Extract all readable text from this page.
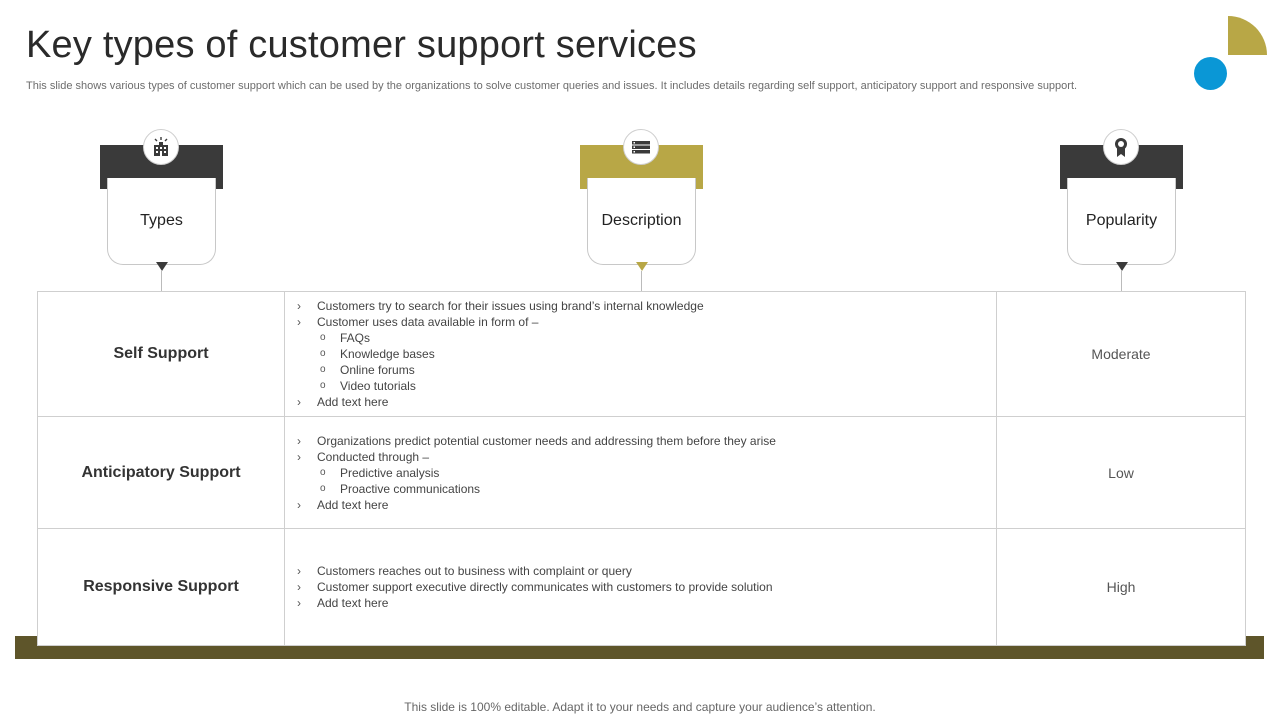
Key types of customer support services

This slide shows various types of customer support which can be used by the organizations to solve customer queries and issues. It includes details regarding self support, anticipatory support and responsive support.

Types	Description	Popularity
Self Support
› Customers try to search for their issues using brand’s internal knowledge
› Customer uses data available in form of –
o FAQs
o Knowledge bases
o Online forums
o Video tutorials
› Add text here
Moderate
Anticipatory Support
› Organizations predict potential customer needs and addressing them before they arise
› Conducted through –
o Predictive analysis
o Proactive communications
› Add text here
Low
Responsive Support
› Customers reaches out to business with complaint or query
› Customer support executive directly communicates with customers to provide solution
› Add text here
High
This slide is 100% editable. Adapt it to your needs and capture your audience’s attention.
